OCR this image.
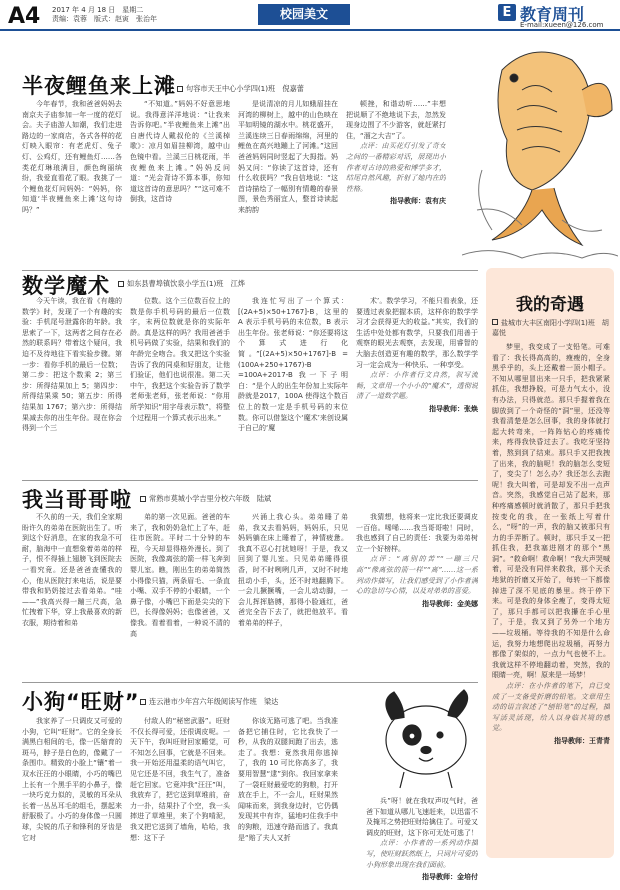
A4 2017 年 4 月 18 日　星期二
责编：袁蓉　版式：赵寅　张治年	校园美文	E 教育周刊
E-mail:xueen@126.com
半夜鲤鱼来上滩	句容市天王中心小学四(1)班　倪嘉蕾

今年春节，我和爸爸妈妈去南京夫子庙参加一年一度的花灯会。夫子庙游人如潮，我们走进路边的一家商店，各式各样的花灯映入眼帘：有老虎灯、兔子灯、公鸡灯，还有鲤鱼灯……各类花灯琳琅满目，颜色绚丽缤纷，我爱直看花了眼。我挑了一个鲤鱼花灯问妈妈：“妈妈，你知道‘半夜鲤鱼来上滩’这句诗吗？”

“不知道。”妈妈不好意思地说。我得意洋洋地说：“让我来告诉你吧。”半夜鲤鱼来上滩”出自唐代诗人戴叔伦的《兰溪棹歌》：凉月如眉挂柳湾，越中山色镜中看。兰溪三日桃花雨，半夜鲤鱼来上滩。”妈妈反问道：“光会背诗不算本事，你知道这首诗的意思吗？”“这可难不倒我，这首诗

是说清凉的月儿如蛾眉挂在河湾的柳树上，越中的山色映在平如明镜的湖水中。桃花盛开，兰溪连续三日春雨绵绵，河里的鲤鱼在高兴地蹦上了河滩。”这回爸爸妈妈同时竖起了大拇指。妈妈又问：“你读了这首诗，还有什么收获吗？”我自信地说：“这首诗描绘了一幅别有情趣的春景图，景色秀丽宜人，整首诗读起来韵韵

顿挫，和谐动听……”丰想把说顺了不绝地说下去，忽然发现身边围了不少游客，就赶紧打住，“溜之大吉”了。

点评：由买花灯引发了奇女之间的一番精彩对话，展现出小作者对古诗的熟爱和博学多才，结尾自然风趣，折射了她内在的性格。

指导教师：袁有庆
数学魔术	如东县曹埠镇饮泉小学五(1)班　江烨

今天午读，我在看《有趣的数学》时，发现了一个有趣的实验：手机尾号泄露你的年龄。我思索了一下，这两者之间存在必然的联系吗？带着这个疑问，我迫不及待地往下看实验步骤。第一步：看你手机的最后一位数；第二步：把这个数乘 2；第三步：所得结果加上 5；第四步：所得结果乘 50；第五步：所得结果加 1767；第六步：所得结果减去你的出生年份。现在你会得到一个三

位数。这个三位数百位上的数是你手机号码的最后一位数字，末两位数就是你的实际年龄。真是这样的吗？我用爸爸手机号码做了实验，结果和我们的年龄完全吻合。我又把这个实验告诉了我的同桌和好朋友，让他们验证，他们也说很准。第二天中午，我把这个实验告诉了数学老师张老师，张老师说：“你用所学知识“用字母表示数”，将整个过程用一个算式表示出来。”

我连忙写出了一个算式：[(2A+5)×50+1767]-B，这里的 A 表示手机号码的末位数，B 表示出生年份。张老师说：“你还要将这个算式进行化简。”[(2A+5)×50+1767]-B =(100A+250+1767)-B =100A+2017-B 我一下子明白：“是个人的出生年份加上实际年龄就是2017，100A 使得这个数百位上的数一定是手机号码的末位数。你可以借鉴这个‘魔术’来创设属于自己的‘魔

术’。数学学习，不能只看表象，还要透过表象把握本质，这样你的数学学习才会获得更大的收益。”其实，我们的生活中处处都有数学，只要我们用善于观察的眼光去观察，去发现，用睿智的大脑去创造更有趣的数学，那么数学学习一定会成为一种快乐、一种享受。

点评：小作者行文自然，叙写流畅，文章用一个小小的“魔术”，透彻说清了一道数学题。

指导教师：张焕
我当哥哥啦	常熟市莫城小学吉里分校六年级　陆斌

不久前的一天，我们全家期盼许久的弟弟在医院出生了。听到这个好消息，在家的我急不可耐，脑海中一直想象着弟弟的样子，恨不得插上翅膀飞到医院去一看究竟。还是爸爸查懂我的心，他从医院打来电话，说是要带我和奶奶接过去看弟弟。“哇——”我高兴得一蹦三尺高，急忙拽着下华，穿上我最喜欢的新衣服，期待着和弟

弟的第一次见面。爸爸的车来了，我和奶奶急忙上了车，赶往市医院。平时二十分钟的车程，今天却显得格外漫长。到了医院，我像离弦的箭一样飞奔到婴儿室。瞧，刚出生的弟弟简然小得像只猫，两条眉毛、一条直小嘴、双手不停的小眼睛，一个鼻子像，小嘴巴下面是尖尖的下巴，长得像妈妈；也像爸爸，又像我。看着看着，一种说不清的高

兴涌上我心头。弟弟睡了弟弟，我又去看妈妈，妈妈乐，只见妈妈躺在床上睡着了，神情疲惫。我真不忍心打扰她呀！于是，我又回到了婴儿室。只见弟弟睡得很香，时不时咧咧几声，又时不时地扭动小手，头，还不时地翻腾下。一会儿撅撅嘴，一会儿动动脚，一会儿挥挥胳膊，那得小脸通红，爸爸完全告下去了，就把他放平。看着弟弟的样子，

我猜想，他将来一定比我还要调皮一百倍。唏唏……我当哥哥啦！同时，我也感到了自己的责任：我要为弟弟树立一个好榜样。

点评：“离别的苦”“一蹦三尺高”“像离弦的箭一样”“离”……这一系列动作描写，让我们感受到了小作者满心的急切与心情，以及对弟弟的喜爱。

指导教师：金美娜
小狗“旺财”	连云港市少年宫六年级阅读写作班　梁达

我家养了一只调皮又可爱的小狗，它叫“旺财”。它的全身长满黑白相间的毛，像一匹缩育的斑马，脖子是白色的，像戴了一条围巾。精致的小脸上“镶”着一双水汪汪的小眼睛，小巧的嘴巴上长有一个黑手平的小鼻子，像一块巧克力似的，灵敏的耳朵从长着一丛丛耳毛的组毛，摆起来舒服极了。小巧的身体像一只圆球，尖锐的爪子和锋利的牙齿是它对

付敌人的“秘密武器”。旺财不仅长得可爱，还很调皮呢。一天下午，我叫旺财回家睡觉，可不知怎么回事，它就是不回来。我一开始还用温柔的语气叫它，见它还是不回，我生气了，准备赶它回家。它竟冲我“汪汪”叫，我放弃了，把它送到草堆前，奋力一扑，结果扑了个空，我一头摔进了草堆里，来了个狗啃泥，我又把它送到了墙角，哈哈，我想：这下子

你该无路可逃了吧。当我准备把它捕住时，它比我快了一秒，从我的双腿间跑了出去，逃走了。我想：竟然我用你逃掉了，我的 10 可比你高多了，我要用智慧“逮”到你。我回家拿来了一袋旺财最爱吃的狗粮，打开放在手上，不一会儿，旺财果然闻味而来，到我身边时，它仍偶发现其中有诈，猛地叼住我手中的狗粮，迅速夺路而逃了。我真是“赔了夫人又折

兵”呀！就在我叹声叹气时，爸爸下如道从哪儿飞速赶来，以迅雷不及掩耳之势把旺财给擒住了。可爱又调皮的旺财，这下你可无处可逃了！

点评：小作者的一系列动作描写，使旺财跃然纸上，只词片可爱的小狗形象出现在我们面前。

指导教师：金培付
我的奇遇
盐城市大丰区南阳小学四(1)班　胡嘉悦

梦里，我变成了一支铅笔。可难看了：我长得高高的，瘦瘦的，全身黑乎乎的，头上还戴着一顶小帽子。不知从哪里冒出来一只手，把我紧紧抓住，我想挣脱，可是力气太小，没有办法，只得就范。那只手握着我在脚放到了一个奇怪的“洞”里，还没等我看清楚是怎么回事，我的身体就打起大转弯来，一阵阵钻心的疼痛传来，疼得我快昏过去了。我吃牙坚持着，熬到到了结束。那只手又把我拽了出来，我的脑呢！我的脑怎么变短了，变尖了！怎么办？我还怎么去跑呢！我大叫着，可是却发不出一点声音。突然，我感觉自己站了起来，那种疼痛感顿时就消散了，那只手把我按变化的我，在一张纸上写着什么，“呀”的一声，我的脑又被那只有力的手弄断了。顿时，那只手又一把抓住我，把我塞进刚才的那个“黑洞”。“救命啊！救命啊！”我大声哭喊着，可是没有同伴来救我，那个天杀地狱的折磨又开始了，每转一下都像掉进了深不见底的暴里。终于停下来。可是我的身体全瘦了，变得太短了，那只手都可以把我攥在手心里了，于是，我又到了另外一个地方——垃圾桶。等待我的不知是什么命运，我努力地想爬出垃圾桶，再努力都像了架似的，一点力气也使不上。我就这样不停地翻动着，突然，我的眼睛一亮，啊！原来是一场梦！

点评：在小作者的笔下，自已变成了一支备受折磨的铅笔。文章用生动的语言叙述了“刨铅笔”的过程，描写活灵活现，给人以身临其境的感觉。

指导教师：王青青
